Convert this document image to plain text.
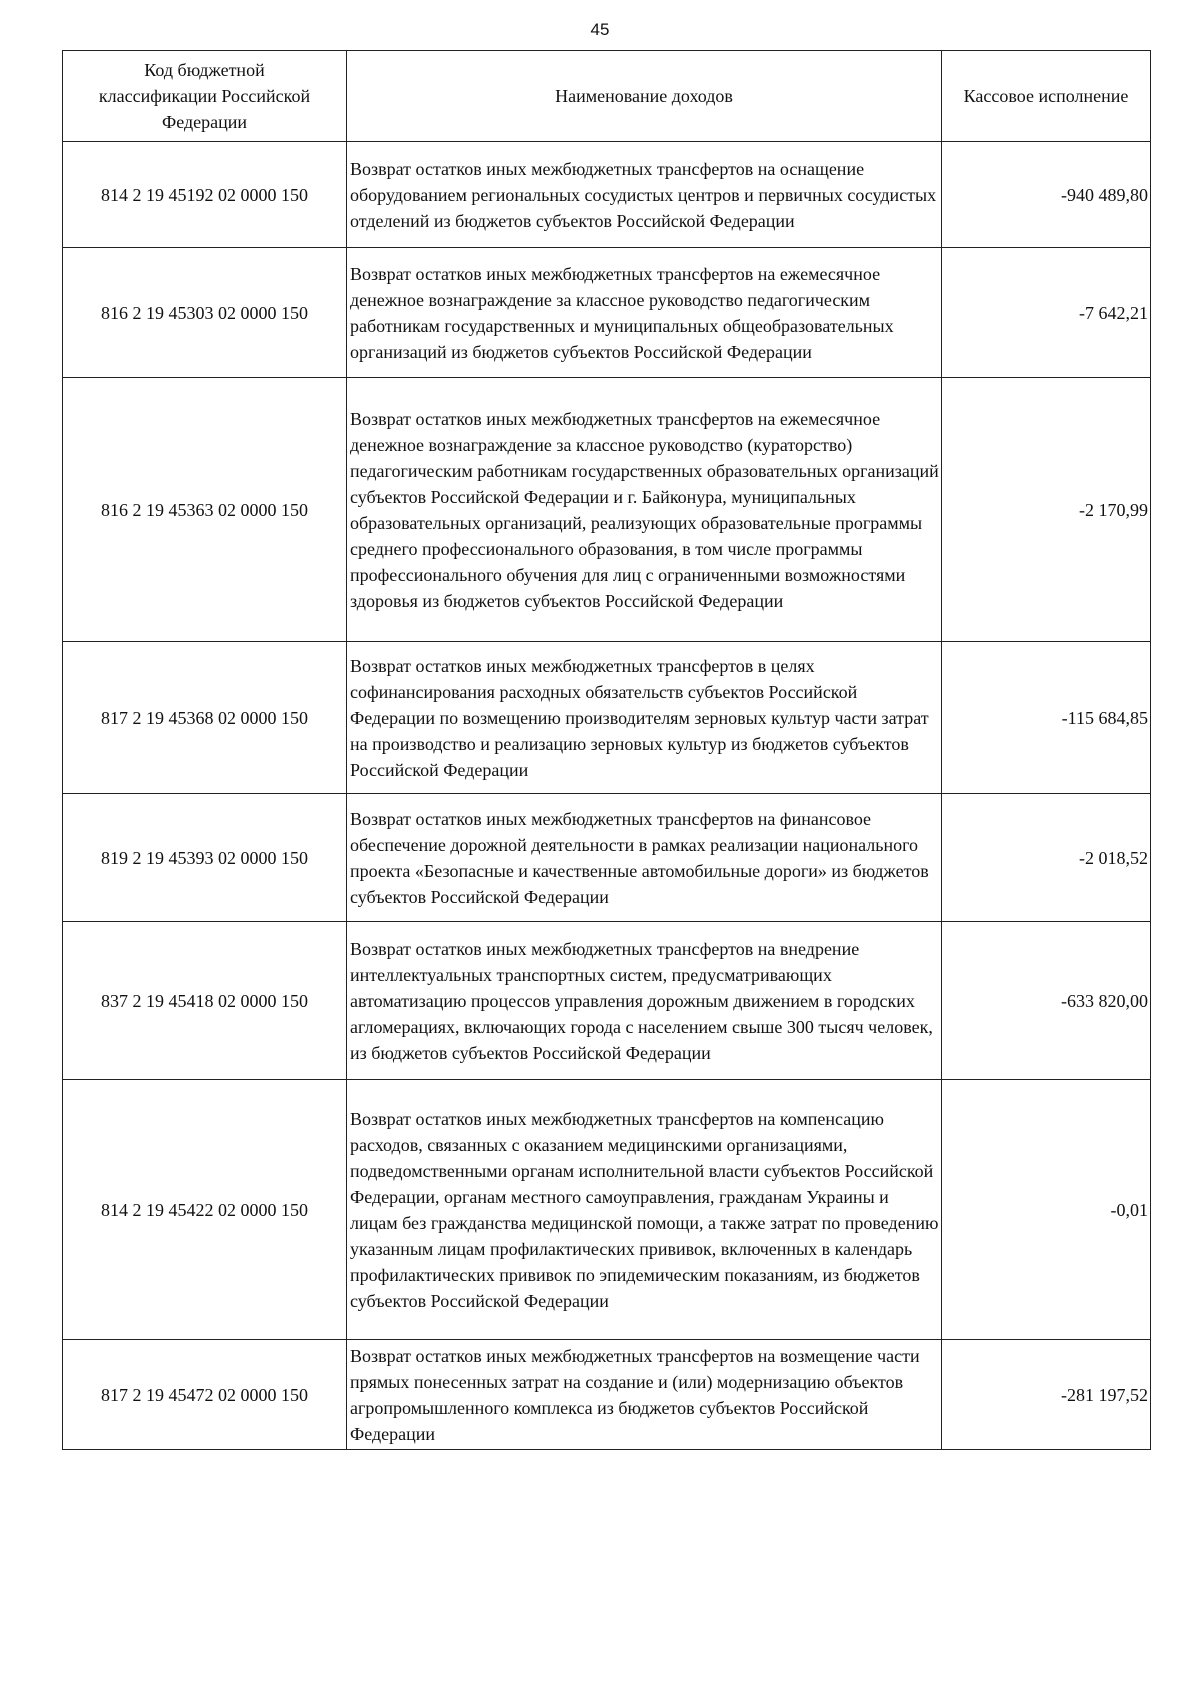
45
Код бюджетной классификации Российской Федерации	Наименование доходов	Кассовое исполнение
814 2 19 45192 02 0000 150	Возврат остатков иных межбюджетных трансфертов на оснащение оборудованием региональных сосудистых центров и первичных сосудистых отделений из бюджетов субъектов Российской Федерации	-940 489,80
816 2 19 45303 02 0000 150	Возврат остатков иных межбюджетных трансфертов на ежемесячное денежное вознаграждение за классное руководство педагогическим работникам государственных и муниципальных общеобразовательных организаций из бюджетов субъектов Российской Федерации	-7 642,21
816 2 19 45363 02 0000 150	Возврат остатков иных межбюджетных трансфертов на ежемесячное денежное вознаграждение за классное руководство (кураторство) педагогическим работникам государственных образовательных организаций субъектов Российской Федерации и г. Байконура, муниципальных образовательных организаций, реализующих образовательные программы среднего профессионального образования, в том числе программы профессионального обучения для лиц с ограниченными возможностями здоровья из бюджетов субъектов Российской Федерации	-2 170,99
817 2 19 45368 02 0000 150	Возврат остатков иных межбюджетных трансфертов в целях софинансирования расходных обязательств субъектов Российской Федерации по возмещению производителям зерновых культур части затрат на производство и реализацию зерновых культур из бюджетов субъектов Российской Федерации	-115 684,85
819 2 19 45393 02 0000 150	Возврат остатков иных межбюджетных трансфертов на финансовое обеспечение дорожной деятельности в рамках реализации национального проекта «Безопасные и качественные автомобильные дороги» из бюджетов субъектов Российской Федерации	-2 018,52
837 2 19 45418 02 0000 150	Возврат остатков иных межбюджетных трансфертов на внедрение интеллектуальных транспортных систем, предусматривающих автоматизацию процессов управления дорожным движением в городских агломерациях, включающих города с населением свыше 300 тысяч человек, из бюджетов субъектов Российской Федерации	-633 820,00
814 2 19 45422 02 0000 150	Возврат остатков иных межбюджетных трансфертов на компенсацию расходов, связанных с оказанием медицинскими организациями, подведомственными органам исполнительной власти субъектов Российской Федерации, органам местного самоуправления, гражданам Украины и лицам без гражданства медицинской помощи, а также затрат по проведению указанным лицам профилактических прививок, включенных в календарь профилактических прививок по эпидемическим показаниям, из бюджетов субъектов Российской Федерации	-0,01
817 2 19 45472 02 0000 150	Возврат остатков иных межбюджетных трансфертов на возмещение части прямых понесенных затрат на создание и (или) модернизацию объектов агропромышленного комплекса из бюджетов субъектов Российской Федерации	-281 197,52
